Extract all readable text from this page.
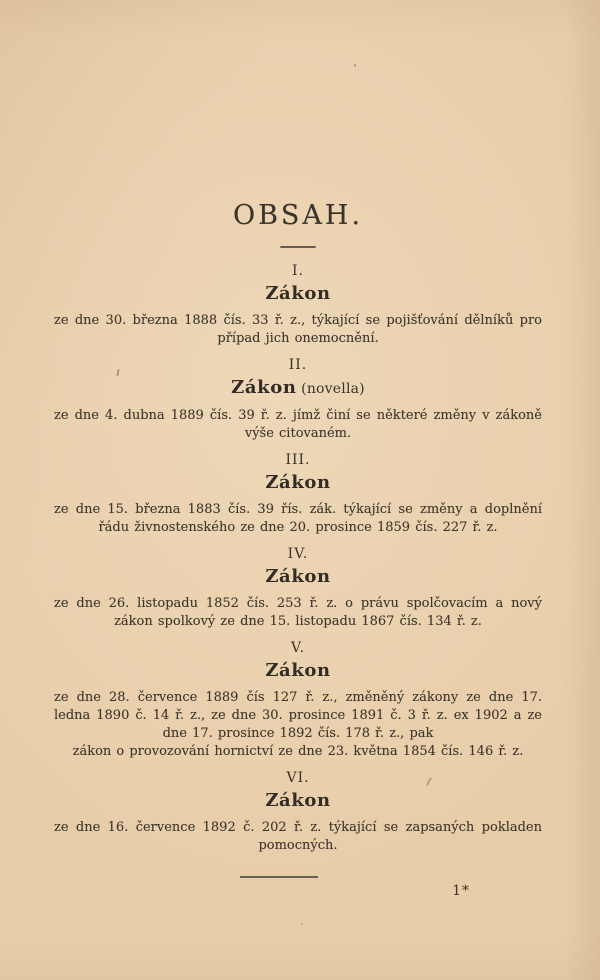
OBSAH.
I.
Zákon

ze dne 30. března 1888 čís. 33 ř. z., týkající se pojišťování dělníků pro případ jich onemocnění.

II.
Zákon (novella)

ze dne 4. dubna 1889 čís. 39 ř. z. jímž činí se některé změny v zákoně výše citovaném.

III.
Zákon

ze dne 15. března 1883 čís. 39 řís. zák. týkající se změny a doplnění řádu živnostenského ze dne 20. prosince 1859 čís. 227 ř. z.

IV.
Zákon

ze dne 26. listopadu 1852 čís. 253 ř. z. o právu spolčovacím a nový zákon spolkový ze dne 15. listopadu 1867 čís. 134 ř. z.

V.
Zákon

ze dne 28. července 1889 čís 127 ř. z., změněný zákony ze dne 17. ledna 1890 č. 14 ř. z., ze dne 30. prosince 1891 č. 3 ř. z. ex 1902 a ze dne 17. prosince 1892 čís. 178 ř. z., pak

zákon o provozování hornictví ze dne 23. května 1854 čís. 146 ř. z.

VI.
Zákon

ze dne 16. července 1892 č. 202 ř. z. týkající se zapsaných pokladen pomocných.

1*
